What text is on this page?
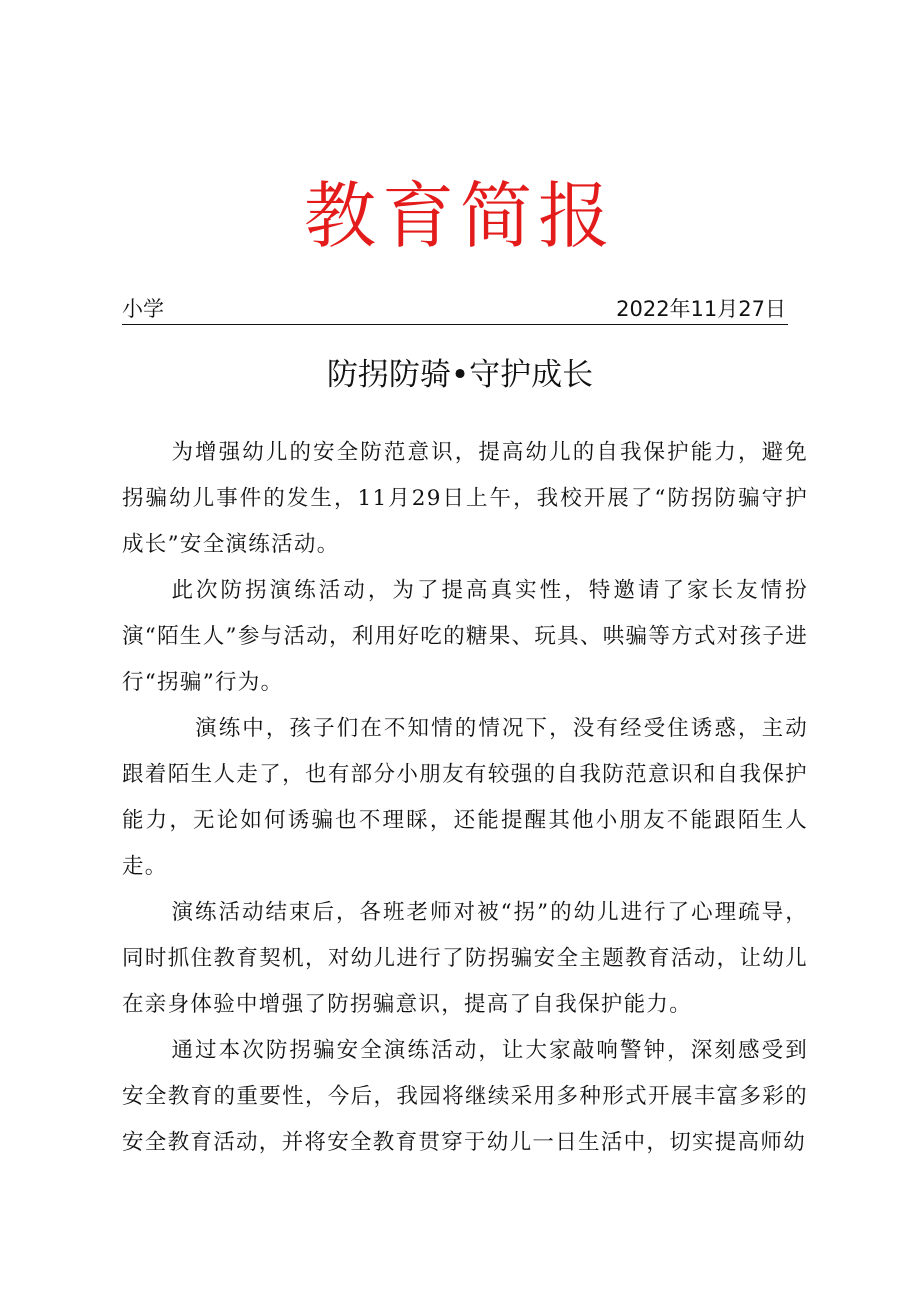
教育简报
小学	2022年11月27日
防拐防骑•守护成长

为增强幼儿的安全防范意识，提高幼儿的自我保护能力，避免拐骗幼儿事件的发生，11月29日上午，我校开展了“防拐防骗守护成长”安全演练活动。

此次防拐演练活动，为了提高真实性，特邀请了家长友情扮演“陌生人”参与活动，利用好吃的糖果、玩具、哄骗等方式对孩子进行“拐骗”行为。

演练中，孩子们在不知情的情况下，没有经受住诱惑，主动跟着陌生人走了，也有部分小朋友有较强的自我防范意识和自我保护能力，无论如何诱骗也不理睬，还能提醒其他小朋友不能跟陌生人走。

演练活动结束后，各班老师对被“拐”的幼儿进行了心理疏导，同时抓住教育契机，对幼儿进行了防拐骗安全主题教育活动，让幼儿在亲身体验中增强了防拐骗意识，提高了自我保护能力。

通过本次防拐骗安全演练活动，让大家敲响警钟，深刻感受到安全教育的重要性，今后，我园将继续采用多种形式开展丰富多彩的安全教育活动，并将安全教育贯穿于幼儿一日生活中，切实提高师幼
